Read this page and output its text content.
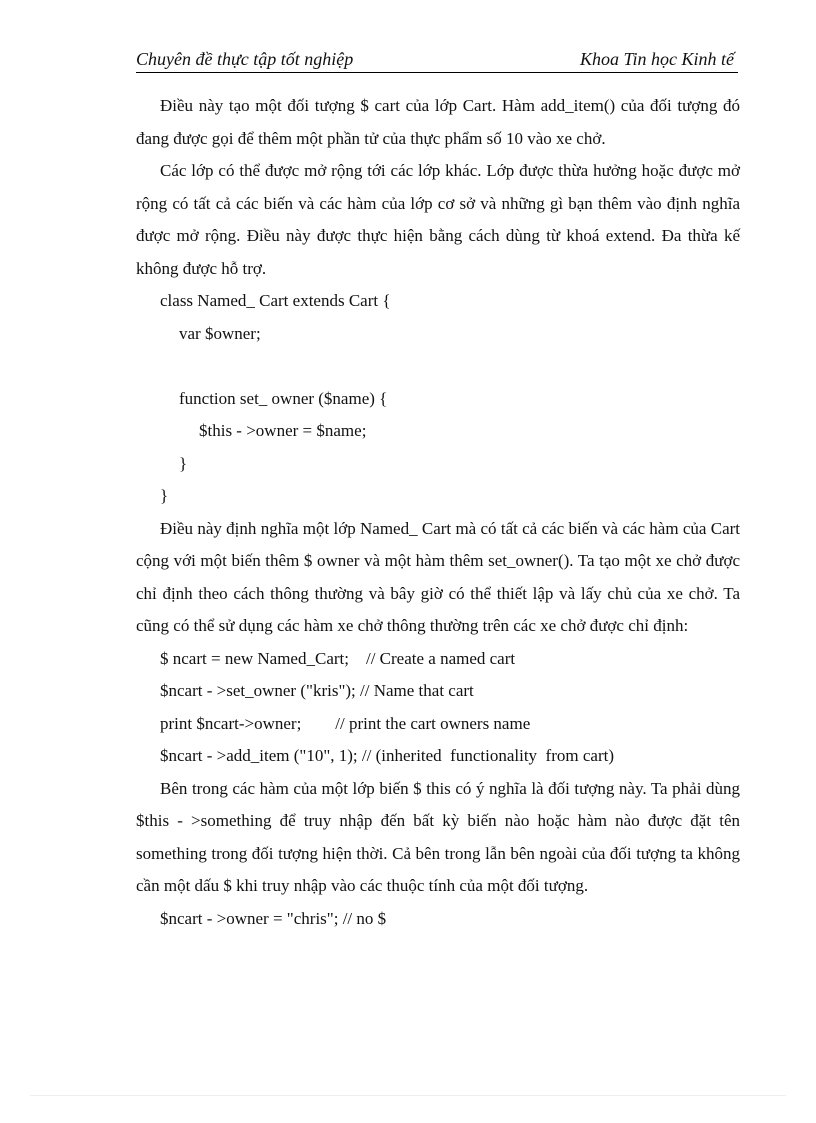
Chuyên đề thực tập tốt nghiệp	Khoa Tin học Kinh tế

Điều này tạo một đối tượng $ cart của lớp Cart. Hàm add_item() của đối tượng đó đang được gọi để thêm một phần tử của thực phẩm số 10 vào xe chở.

Các lớp có thể được mở rộng tới các lớp khác. Lớp được thừa hưởng hoặc được mở rộng có tất cả các biến và các hàm của lớp cơ sở và những gì bạn thêm vào định nghĩa được mở rộng. Điều này được thực hiện bằng cách dùng từ khoá extend. Đa thừa kế không được hỗ trợ.

class Named_ Cart extends Cart {

var $owner;

function set_ owner ($name) {

$this - >owner = $name;

}

}

Điều này định nghĩa một lớp Named_ Cart mà có tất cả các biến và các hàm của Cart cộng với một biến thêm $ owner và một hàm thêm set_owner(). Ta tạo một xe chở được chỉ định theo cách thông thường và bây giờ có thể thiết lập và lấy chủ của xe chở. Ta cũng có thể sử dụng các hàm xe chở thông thường trên các xe chở được chỉ định:

$ ncart = new Named_Cart;    // Create a named cart

$ncart - >set_owner ("kris"); // Name that cart

print $ncart->owner;        // print the cart owners name

$ncart - >add_item ("10", 1); // (inherited  functionality  from cart)

Bên trong các hàm của một lớp biến $ this có ý nghĩa là đối tượng này. Ta phải dùng $this - >something để truy nhập đến bất kỳ biến nào hoặc hàm nào được đặt tên something trong đối tượng hiện thời. Cả bên trong lẫn bên ngoài của đối tượng ta không cần một dấu $ khi truy nhập vào các thuộc tính của một đối tượng.

$ncart - >owner = "chris"; // no $
